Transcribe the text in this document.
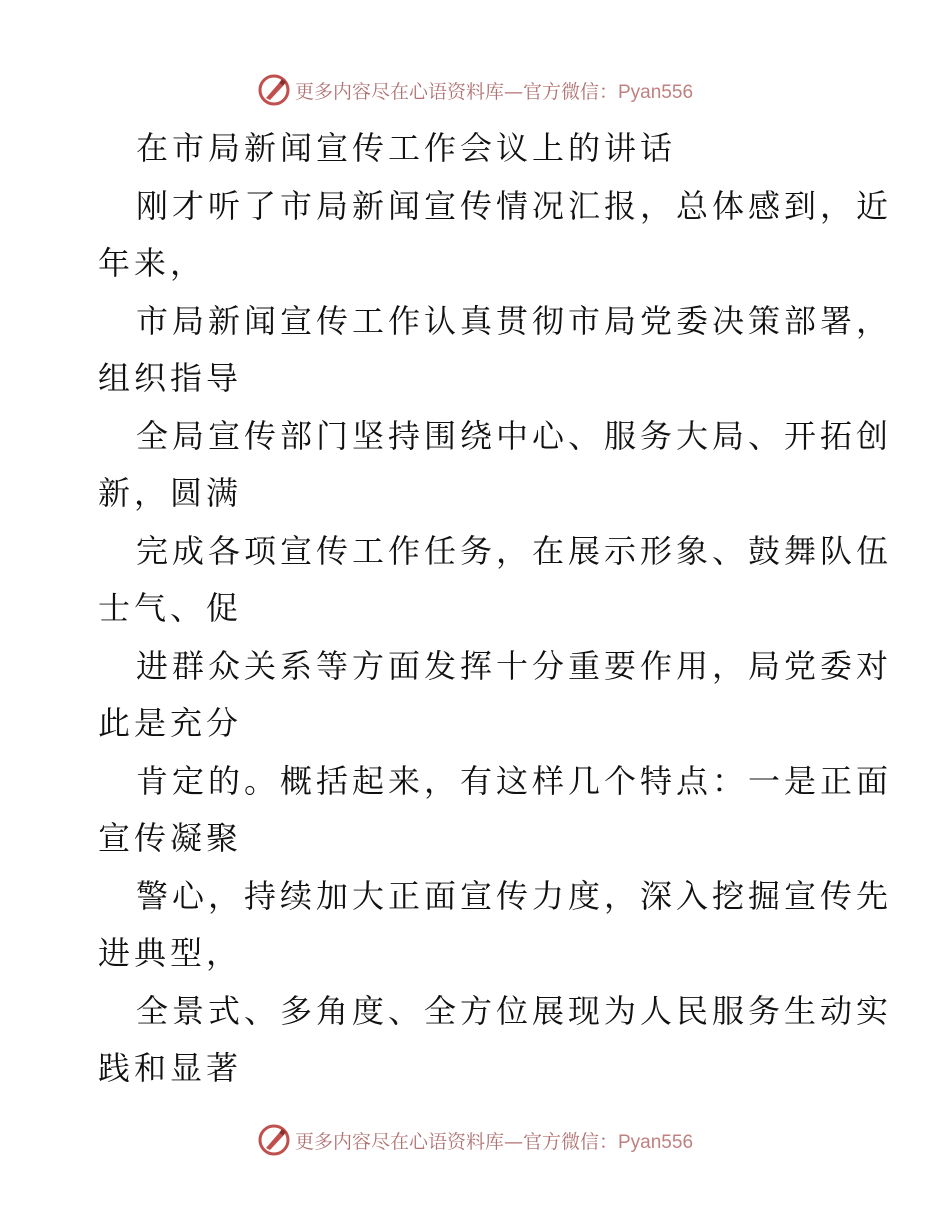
更多内容尽在心语资料库—官方微信：Pyan556
在市局新闻宣传工作会议上的讲话
刚才听了市局新闻宣传情况汇报，总体感到，近
年来，
市局新闻宣传工作认真贯彻市局党委决策部署，
组织指导
全局宣传部门坚持围绕中心、服务大局、开拓创
新，圆满
完成各项宣传工作任务，在展示形象、鼓舞队伍
士气、促
进群众关系等方面发挥十分重要作用，局党委对
此是充分
肯定的。概括起来，有这样几个特点：一是正面
宣传凝聚
警心，持续加大正面宣传力度，深入挖掘宣传先
进典型，
全景式、多角度、全方位展现为人民服务生动实
践和显著
更多内容尽在心语资料库—官方微信：Pyan556
